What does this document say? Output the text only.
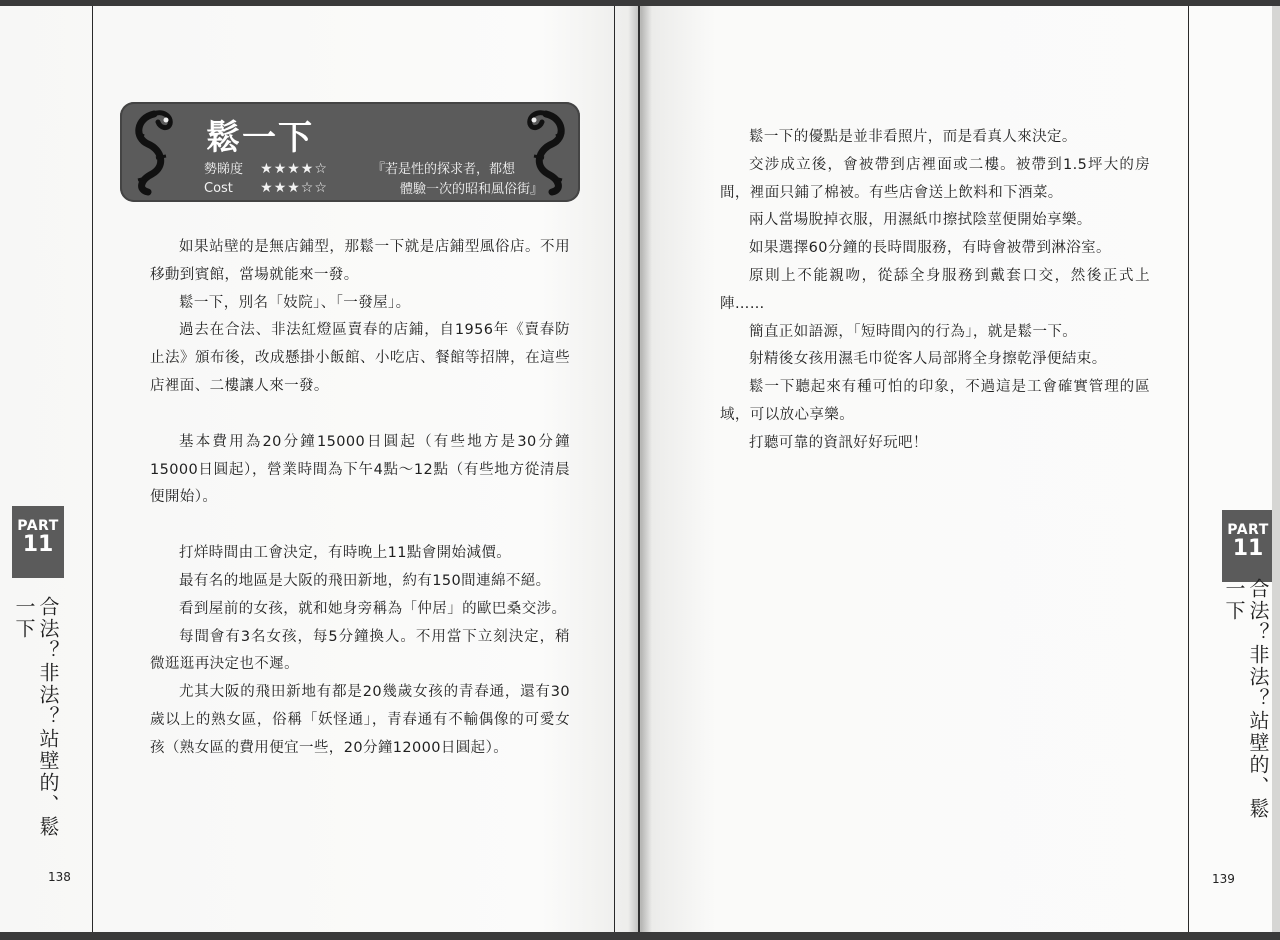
鬆一下
勢睇度 ★★★★☆
Cost ★★★☆☆
『若是性的探求者，都想
體驗一次的昭和風俗街』

如果站壁的是無店鋪型，那鬆一下就是店鋪型風俗店。不用移動到賓館，當場就能來一發。

鬆一下，別名「妓院」、「一發屋」。

過去在合法、非法紅燈區賣春的店鋪，自1956年《賣春防止法》頒布後，改成懸掛小飯館、小吃店、餐館等招牌，在這些店裡面、二樓讓人來一發。

基本費用為20分鐘15000日圓起（有些地方是30分鐘15000日圓起），營業時間為下午4點～12點（有些地方從清晨便開始）。

打烊時間由工會決定，有時晚上11點會開始減價。

最有名的地區是大阪的飛田新地，約有150間連綿不絕。

看到屋前的女孩，就和她身旁稱為「仲居」的歐巴桑交涉。

每間會有3名女孩，每5分鐘換人。不用當下立刻決定，稍微逛逛再決定也不遲。

尤其大阪的飛田新地有都是20幾歲女孩的青春通，還有30歲以上的熟女區，俗稱「妖怪通」，青春通有不輸偶像的可愛女孩（熟女區的費用便宜一些，20分鐘12000日圓起）。

PART
11
合法？非法？站壁的、鬆一下
138

鬆一下的優點是並非看照片，而是看真人來決定。

交涉成立後，會被帶到店裡面或二樓。被帶到1.5坪大的房間，裡面只鋪了棉被。有些店會送上飲料和下酒菜。

兩人當場脫掉衣服，用濕紙巾擦拭陰莖便開始享樂。

如果選擇60分鐘的長時間服務，有時會被帶到淋浴室。

原則上不能親吻，從舔全身服務到戴套口交，然後正式上陣……

簡直正如語源，「短時間內的行為」，就是鬆一下。

射精後女孩用濕毛巾從客人局部將全身擦乾淨便結束。

鬆一下聽起來有種可怕的印象，不過這是工會確實管理的區域，可以放心享樂。

打聽可靠的資訊好好玩吧！

PART
11
合法？非法？站壁的、鬆一下
139
